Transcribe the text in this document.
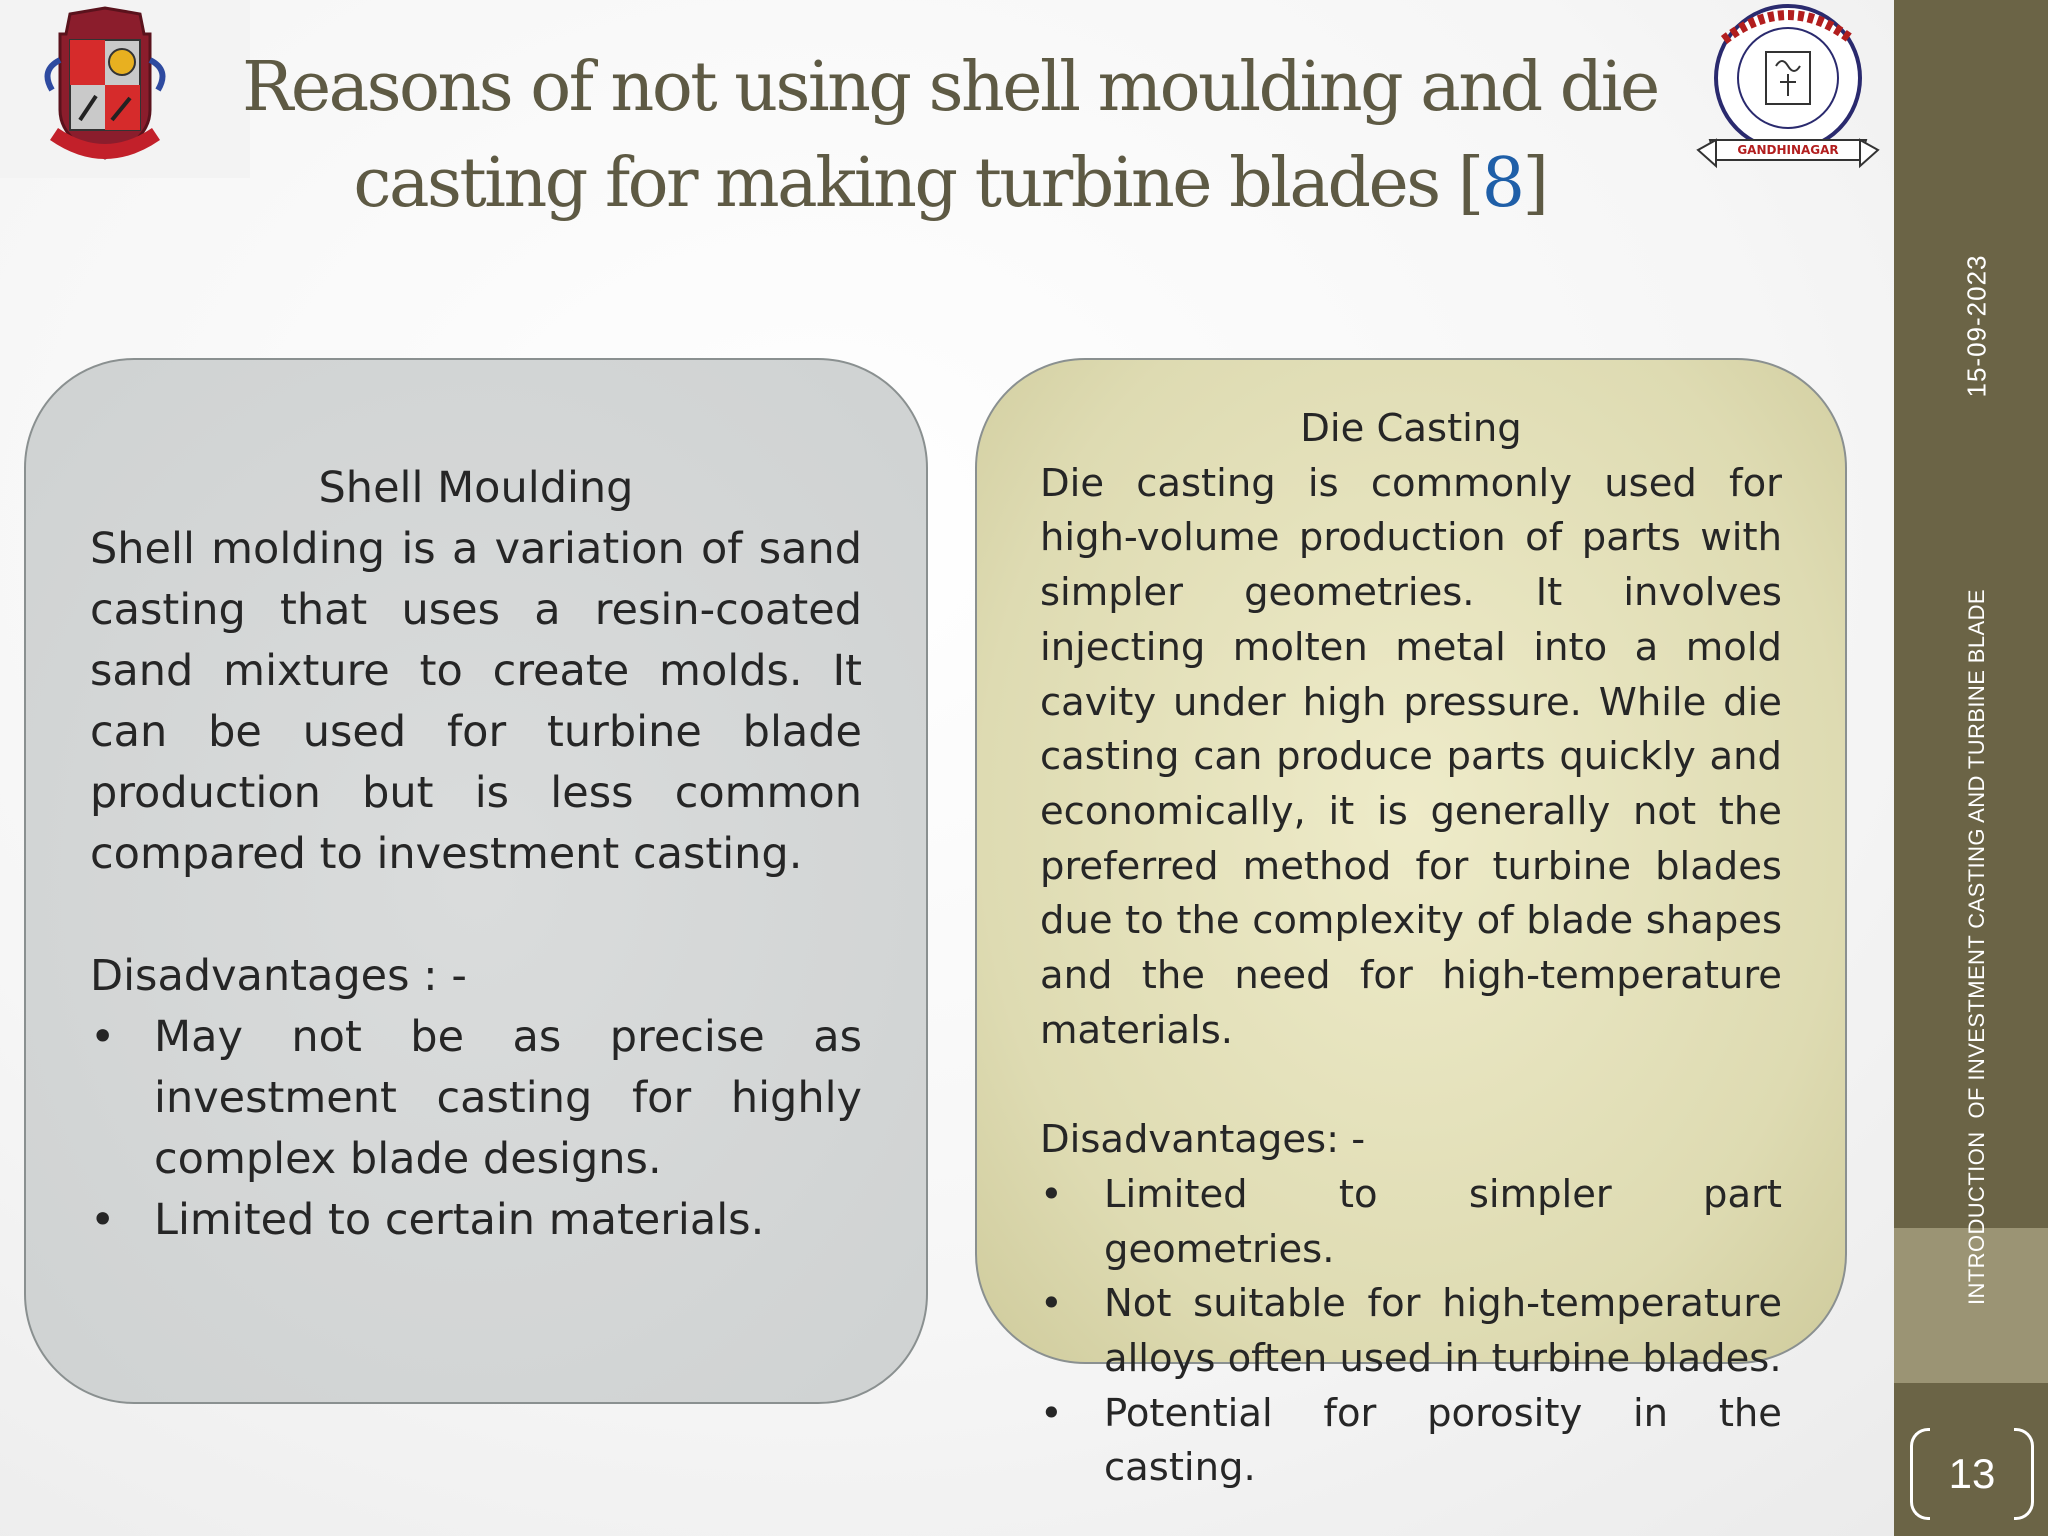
GANDHINAGAR
Reasons of not using shell moulding and die
casting for making turbine blades [8]
Shell Moulding

Shell molding is a variation of sand casting that uses a resin-coated sand mixture to create molds. It can be used for turbine blade production but is less common compared to investment casting.

Disadvantages : -
• May not be as precise as investment casting for highly complex blade designs.
• Limited to certain materials.
Die Casting

Die casting is commonly used for high-volume production of parts with simpler geometries. It involves injecting molten metal into a mold cavity under high pressure. While die casting can produce parts quickly and economically, it is generally not the preferred method for turbine blades due to the complexity of blade shapes and the need for high-temperature materials.

Disadvantages: -
• Limited to simpler part geometries.
• Not suitable for high-temperature alloys often used in turbine blades.
• Potential for porosity in the casting.
15-09-2023
INTRODUCTION  OF INVESTMENT CASTING AND TURBINE BLADE
13
